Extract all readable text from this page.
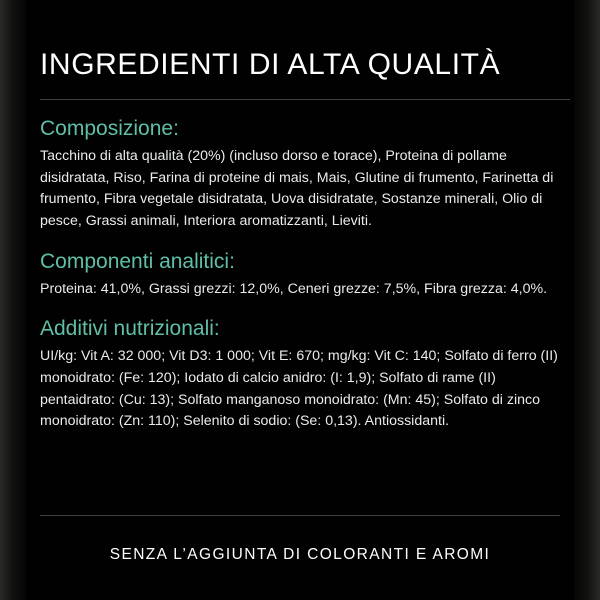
INGREDIENTI DI ALTA QUALITÀ
Composizione:

Tacchino di alta qualità (20%) (incluso dorso e torace), Proteina di pollame disidratata, Riso, Farina di proteine di mais, Mais, Glutine di frumento, Farinetta di frumento, Fibra vegetale disidratata, Uova disidratate, Sostanze minerali, Olio di pesce, Grassi animali, Interiora aromatizzanti, Lieviti.

Componenti analitici:

Proteina: 41,0%, Grassi grezzi: 12,0%, Ceneri grezze: 7,5%, Fibra grezza: 4,0%.

Additivi nutrizionali:

UI/kg: Vit A: 32 000; Vit D3: 1 000; Vit E: 670; mg/kg: Vit C: 140; Solfato di ferro (II) monoidrato: (Fe: 120); Iodato di calcio anidro: (I: 1,9); Solfato di rame (II) pentaidrato: (Cu: 13); Solfato manganoso monoidrato: (Mn: 45); Solfato di zinco monoidrato: (Zn: 110); Selenito di sodio: (Se: 0,13). Antiossidanti.

SENZA L’AGGIUNTA DI COLORANTI E AROMI
